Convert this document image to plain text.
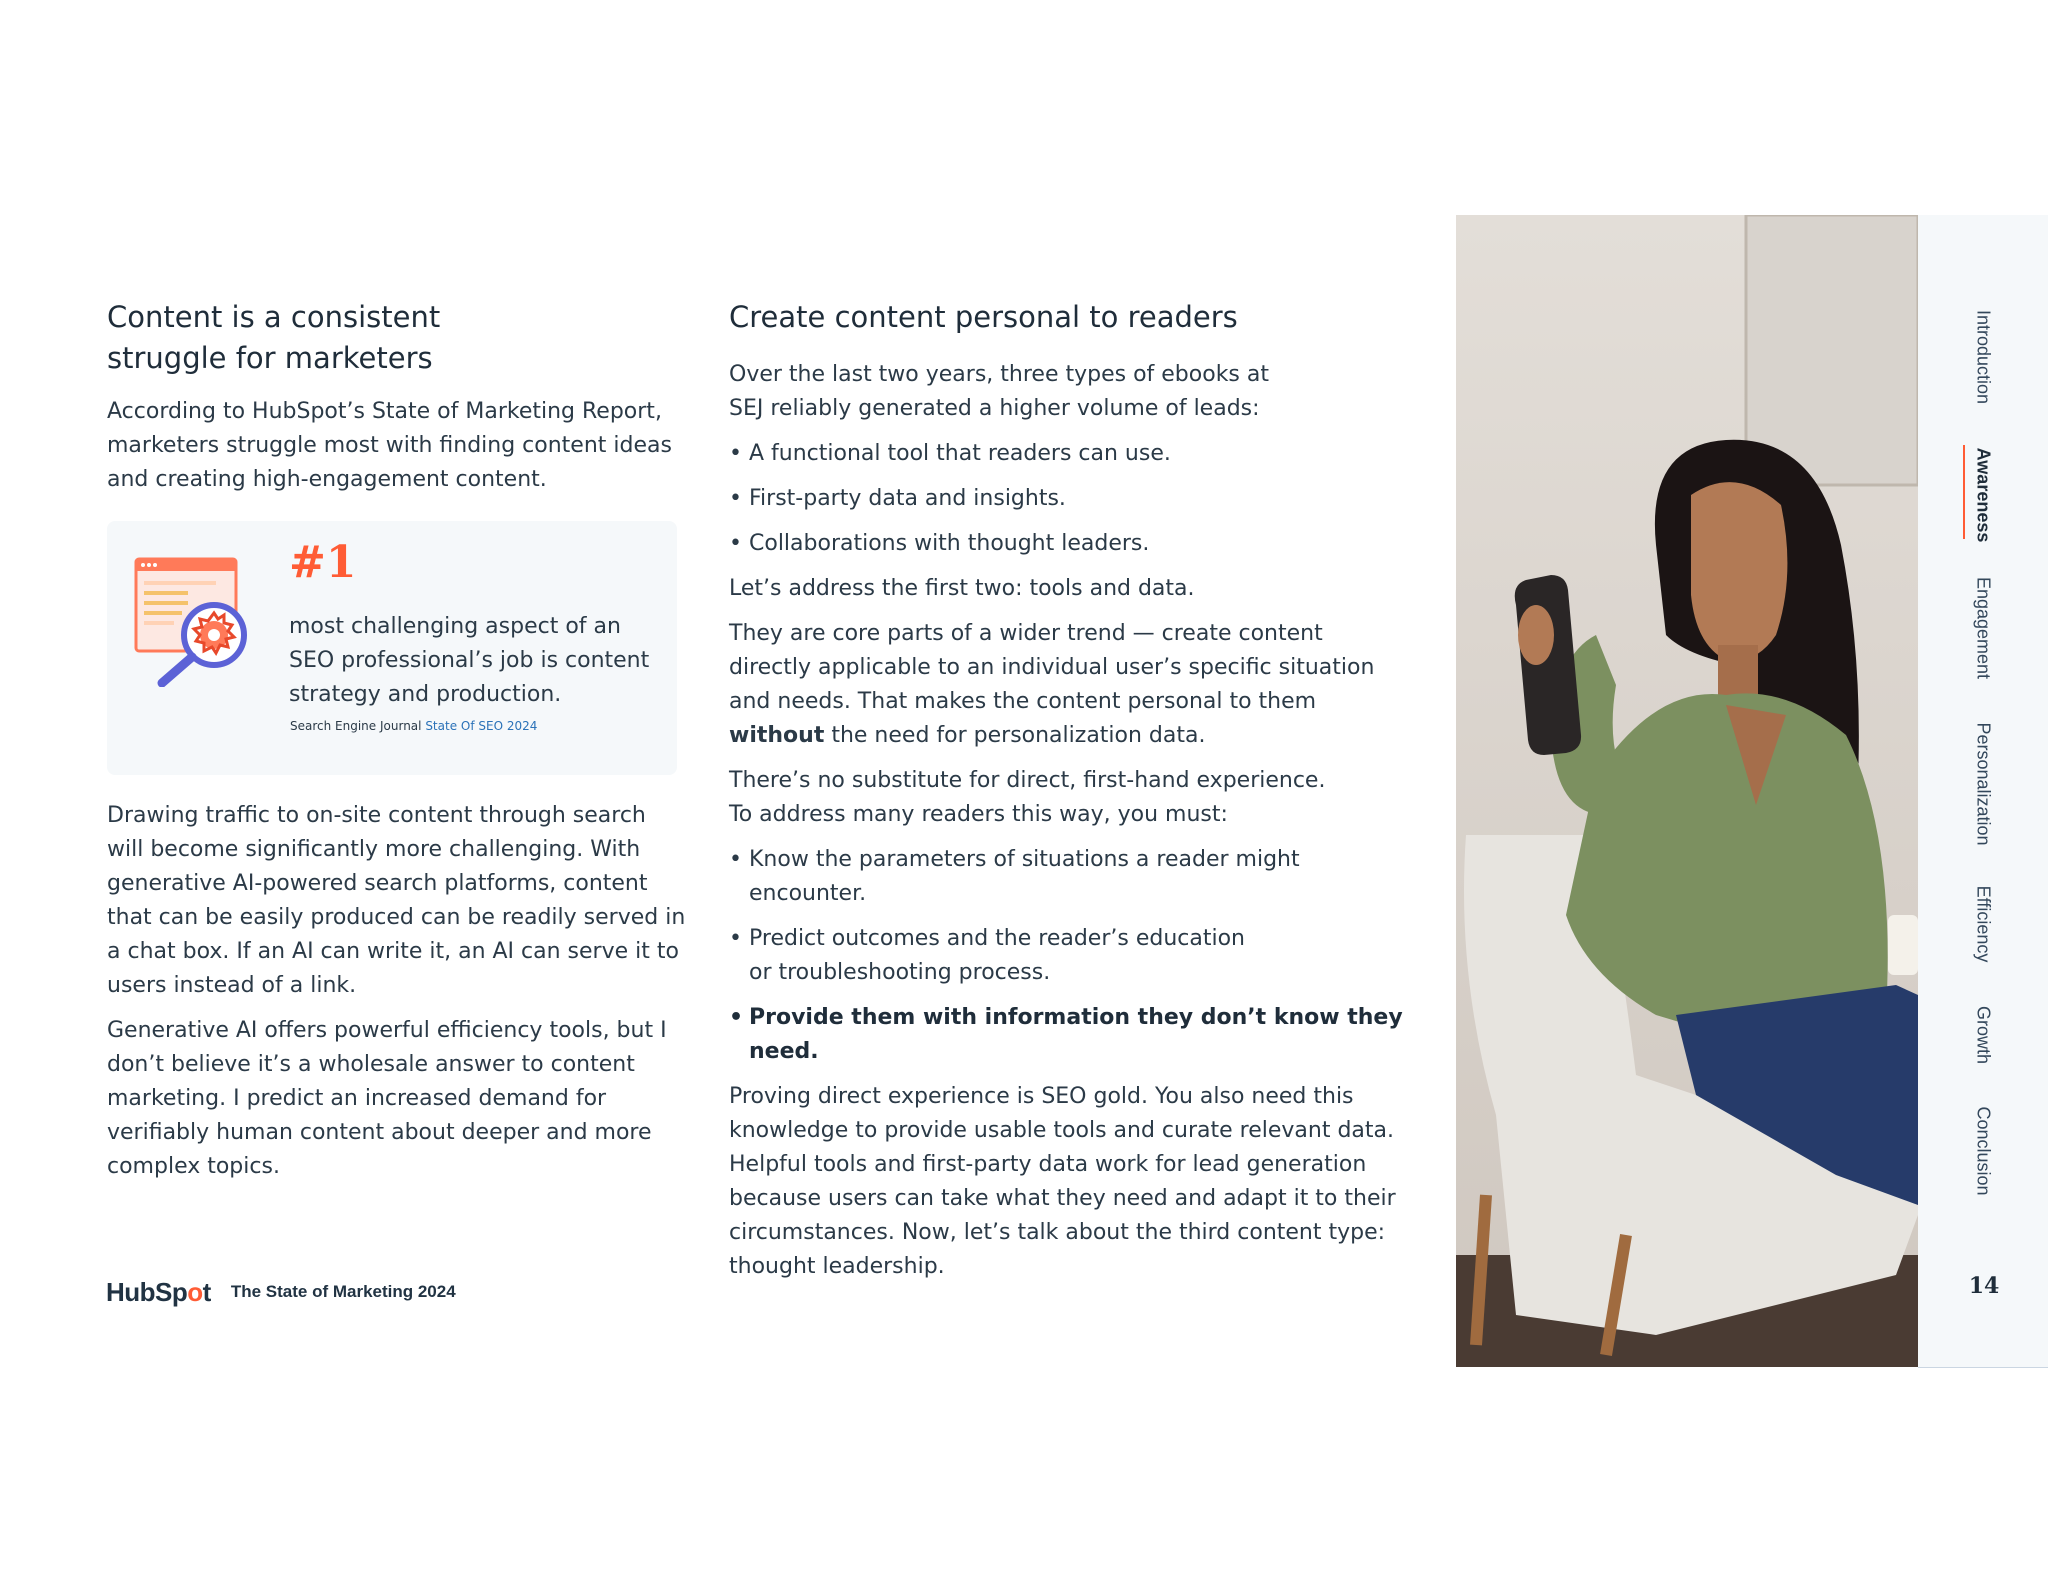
Content is a consistent
struggle for marketers

According to HubSpot’s State of Marketing Report, marketers struggle most with finding content ideas and creating high-engagement content.

#1
most challenging aspect of an SEO professional’s job is content strategy and production.
Search Engine Journal State Of SEO 2024

Drawing traffic to on-site content through search will become significantly more challenging. With generative AI-powered search platforms, content that can be easily produced can be readily served in a chat box. If an AI can write it, an AI can serve it to users instead of a link.

Generative AI offers powerful efficiency tools, but I don’t believe it’s a wholesale answer to content marketing. I predict an increased demand for verifiably human content about deeper and more complex topics.

Create content personal to readers

Over the last two years, three types of ebooks at SEJ reliably generated a higher volume of leads:

• A functional tool that readers can use.
• First-party data and insights.
• Collaborations with thought leaders.

Let’s address the first two: tools and data.

They are core parts of a wider trend — create content directly applicable to an individual user’s specific situation and needs. That makes the content personal to them without the need for personalization data.

There’s no substitute for direct, first-hand experience.
To address many readers this way, you must:

• Know the parameters of situations a reader might encounter.
• Predict outcomes and the reader’s education or troubleshooting process.
• Provide them with information they don’t know they need.

Proving direct experience is SEO gold. You also need this knowledge to provide usable tools and curate relevant data. Helpful tools and first-party data work for lead generation because users can take what they need and adapt it to their circumstances. Now, let’s talk about the third content type: thought leadership.

HubSpot The State of Marketing 2024
Introduction
Awareness
Engagement
Personalization
Efficiency
Growth
Conclusion
14
